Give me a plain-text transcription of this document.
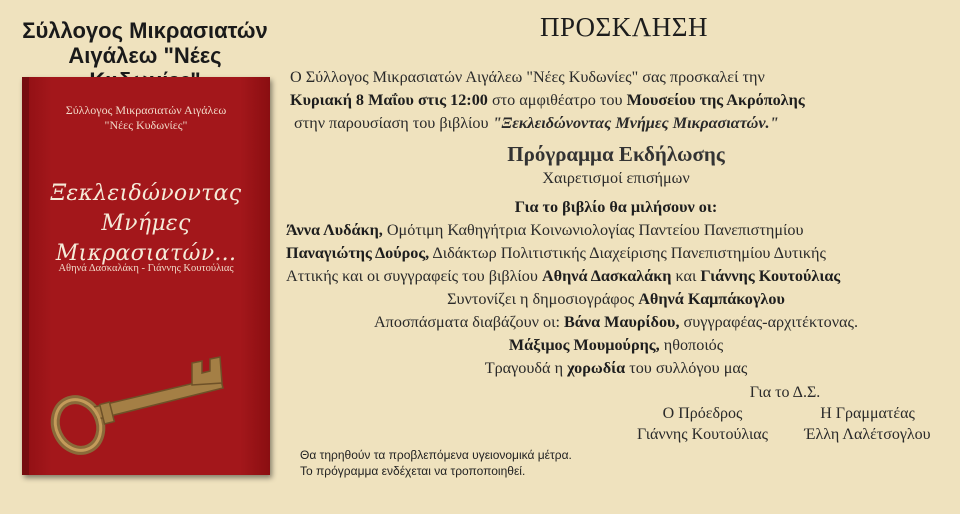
Σύλλογος Μικρασιατών
Αιγάλεω "Νέες
Σύλλογος Μικρασιατών Αιγάλεω
"Νέες Κυδωνίες"
Ξεκλειδώνοντας
Μνήμες Μικρασιατών...
Αθηνά Δασκαλάκη - Γιάννης Κουτούλιας
ΠΡΟΣΚΛΗΣΗ
Ο Σύλλογος Μικρασιατών Αιγάλεω "Νέες Κυδωνίες" σας προσκαλεί την
Κυριακή 8 Μαΐου στις 12:00 στο αμφιθέατρο του Μουσείου της Ακρόπολης
στην παρουσίαση του βιβλίου "Ξεκλειδώνοντας Μνήμες Μικρασιατών."
Πρόγραμμα Εκδήλωσης
Χαιρετισμοί επισήμων
Για το βιβλίο θα μιλήσουν οι:
Άννα Λυδάκη, Ομότιμη Καθηγήτρια Κοινωνιολογίας Παντείου Πανεπιστημίου
Παναγιώτης Δούρος, Διδάκτωρ Πολιτιστικής Διαχείρισης Πανεπιστημίου Δυτικής
Αττικής και οι συγγραφείς του βιβλίου Αθηνά Δασκαλάκη και Γιάννης Κουτούλιας
Συντονίζει η δημοσιογράφος Αθηνά Καμπάκογλου
Αποσπάσματα διαβάζουν οι: Βάνα Μαυρίδου, συγγραφέας-αρχιτέκτονας.
Μάξιμος Μουμούρης, ηθοποιός
Τραγουδά η χορωδία του συλλόγου μας
Για το Δ.Σ.
Ο Πρόεδρος
Γιάννης Κουτούλιας
Η Γραμματέας
Έλλη Λαλέτσογλου
Θα τηρηθούν τα προβλεπόμενα υγειονομικά μέτρα.
Το πρόγραμμα ενδέχεται να τροποποιηθεί.
